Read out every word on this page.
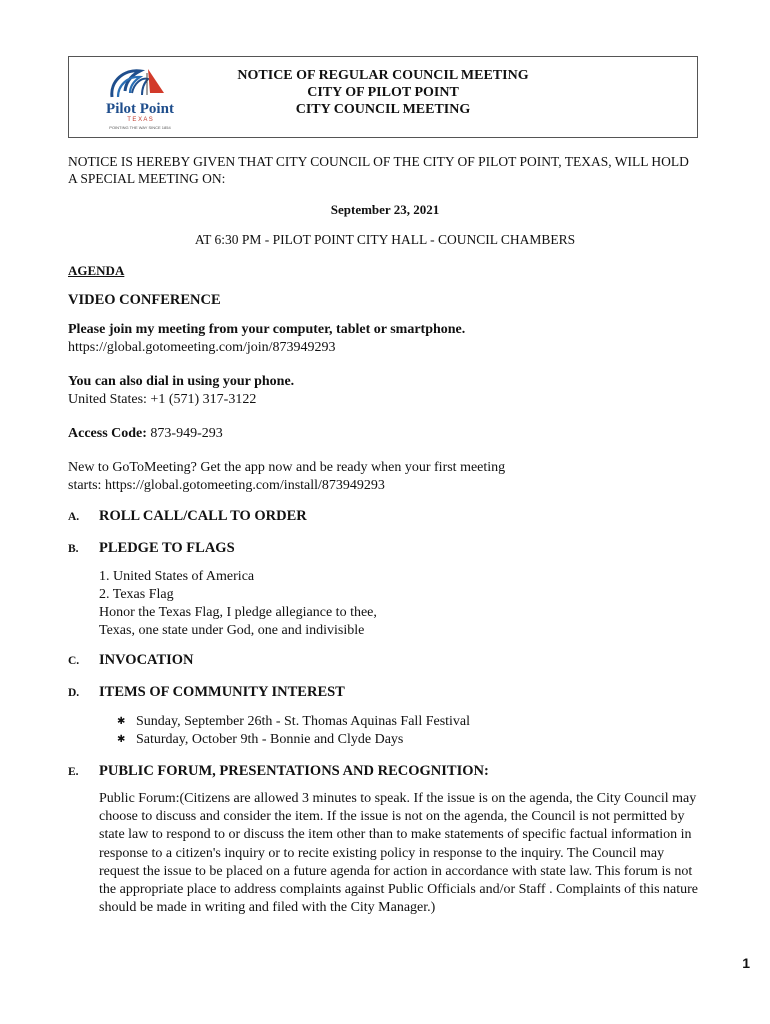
Pilot Point
T E X A S
POINTING THE WAY SINCE 1854
NOTICE OF REGULAR COUNCIL MEETING
CITY OF PILOT POINT
CITY COUNCIL MEETING
NOTICE IS HEREBY GIVEN THAT CITY COUNCIL OF THE CITY OF PILOT POINT, TEXAS, WILL HOLD
A SPECIAL MEETING ON:
September 23, 2021
AT 6:30 PM - PILOT POINT CITY HALL - COUNCIL CHAMBERS
AGENDA
VIDEO CONFERENCE
Please join my meeting from your computer, tablet or smartphone.
https://global.gotomeeting.com/join/873949293
You can also dial in using your phone.
United States: +1 (571) 317-3122
Access Code: 873-949-293
New to GoToMeeting? Get the app now and be ready when your first meeting
starts: https://global.gotomeeting.com/install/873949293
A. ROLL CALL/CALL TO ORDER
B. PLEDGE TO FLAGS
1. United States of America
2. Texas Flag
Honor the Texas Flag, I pledge allegiance to thee,
Texas, one state under God, one and indivisible
C. INVOCATION
D. ITEMS OF COMMUNITY INTEREST
✱ Sunday, September 26th - St. Thomas Aquinas Fall Festival
✱ Saturday, October 9th - Bonnie and Clyde Days
E. PUBLIC FORUM, PRESENTATIONS AND RECOGNITION:
Public Forum:(Citizens are allowed 3 minutes to speak. If the issue is on the agenda, the City Council may choose to discuss and consider the item. If the issue is not on the agenda, the Council is not permitted by state law to respond to or discuss the item other than to make statements of specific factual information in response to a citizen's inquiry or to recite existing policy in response to the inquiry. The Council may request the issue to be placed on a future agenda for action in accordance with state law. This forum is not the appropriate place to address complaints against Public Officials and/or Staff . Complaints of this nature should be made in writing and filed with the City Manager.)
1
